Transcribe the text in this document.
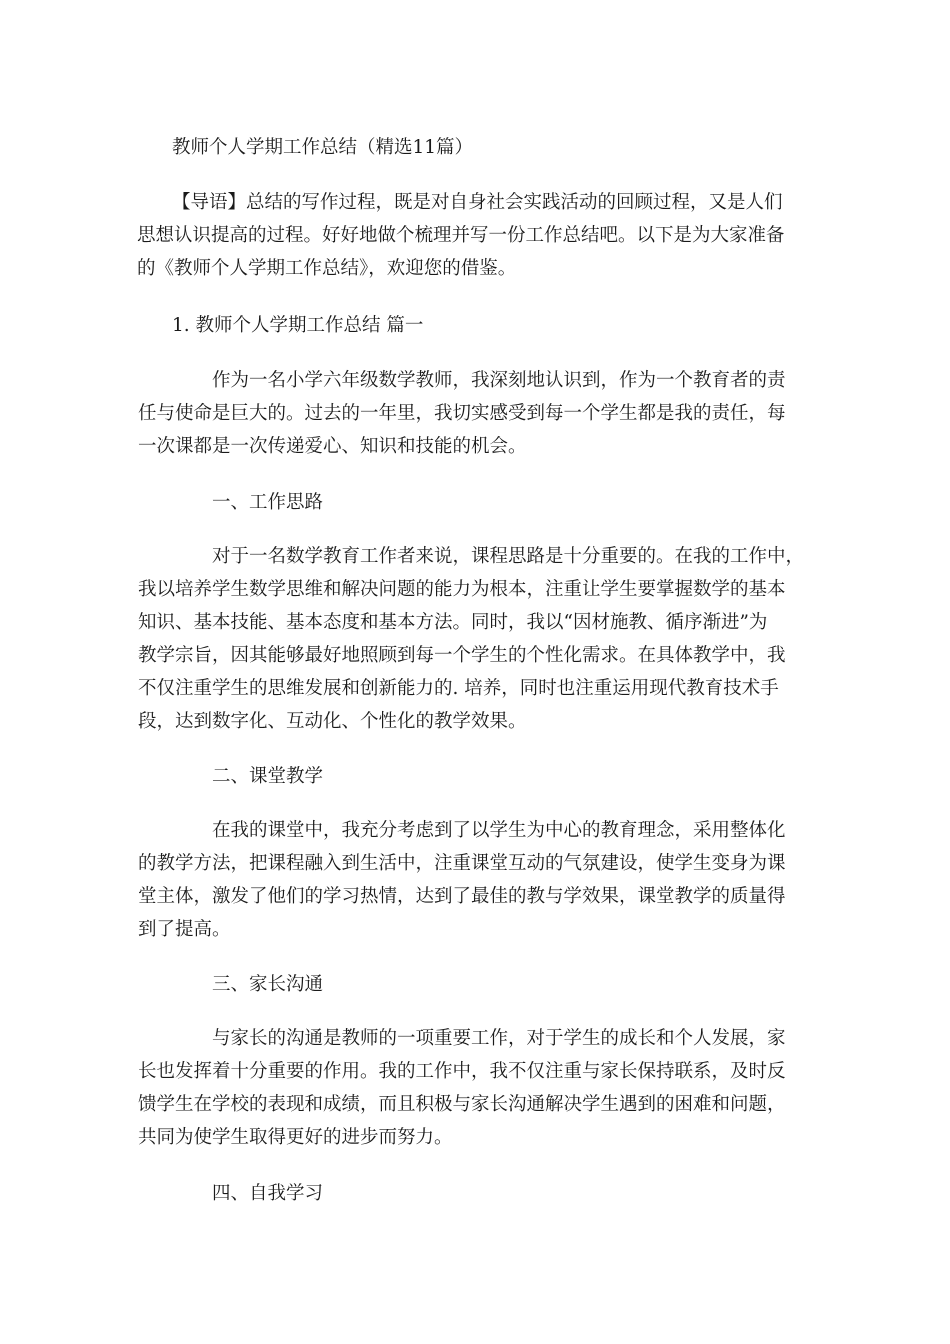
教师个人学期工作总结（精选11篇）

【导语】总结的写作过程，既是对自身社会实践活动的回顾过程，又是人们
思想认识提高的过程。好好地做个梳理并写一份工作总结吧。以下是为大家准备
的《教师个人学期工作总结》，欢迎您的借鉴。

1. 教师个人学期工作总结 篇一

作为一名小学六年级数学教师，我深刻地认识到，作为一个教育者的责
任与使命是巨大的。过去的一年里，我切实感受到每一个学生都是我的责任，每
一次课都是一次传递爱心、知识和技能的机会。

一、工作思路

对于一名数学教育工作者来说，课程思路是十分重要的。在我的工作中，
我以培养学生数学思维和解决问题的能力为根本，注重让学生要掌握数学的基本
知识、基本技能、基本态度和基本方法。同时，我以“因材施教、循序渐进”为
教学宗旨，因其能够最好地照顾到每一个学生的个性化需求。在具体教学中，我
不仅注重学生的思维发展和创新能力的. 培养，同时也注重运用现代教育技术手
段，达到数字化、互动化、个性化的教学效果。

二、课堂教学

在我的课堂中，我充分考虑到了以学生为中心的教育理念，采用整体化
的教学方法，把课程融入到生活中，注重课堂互动的气氛建设，使学生变身为课
堂主体，激发了他们的学习热情，达到了最佳的教与学效果，课堂教学的质量得
到了提高。

三、家长沟通

与家长的沟通是教师的一项重要工作，对于学生的成长和个人发展，家
长也发挥着十分重要的作用。我的工作中，我不仅注重与家长保持联系，及时反
馈学生在学校的表现和成绩，而且积极与家长沟通解决学生遇到的困难和问题，
共同为使学生取得更好的进步而努力。

四、自我学习
